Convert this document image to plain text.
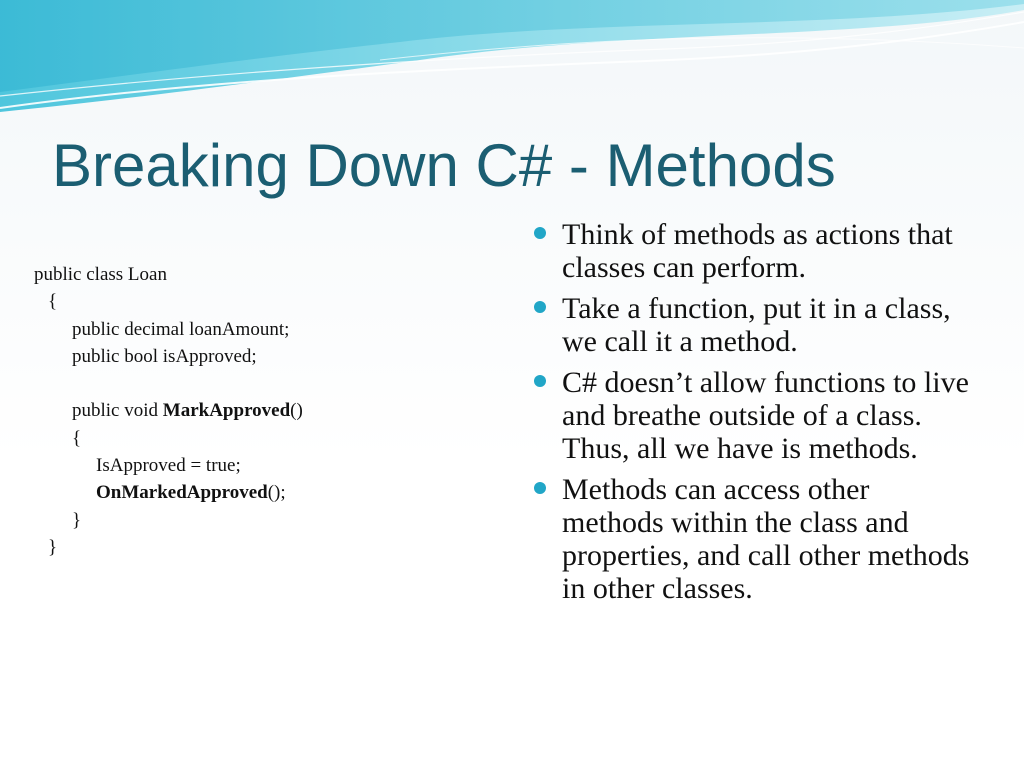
Breaking Down C# - Methods
public class Loan
{
public decimal loanAmount;
public bool isApproved;
public void MarkApproved()
{
IsApproved = true;
OnMarkedApproved();
}
}
Think of methods as actions that classes can perform.
Take a function, put it in a class, we call it a method.
C# doesn’t allow functions to live and breathe outside of a class. Thus, all we have is methods.
Methods can access other methods within the class and properties, and call other methods in other classes.
